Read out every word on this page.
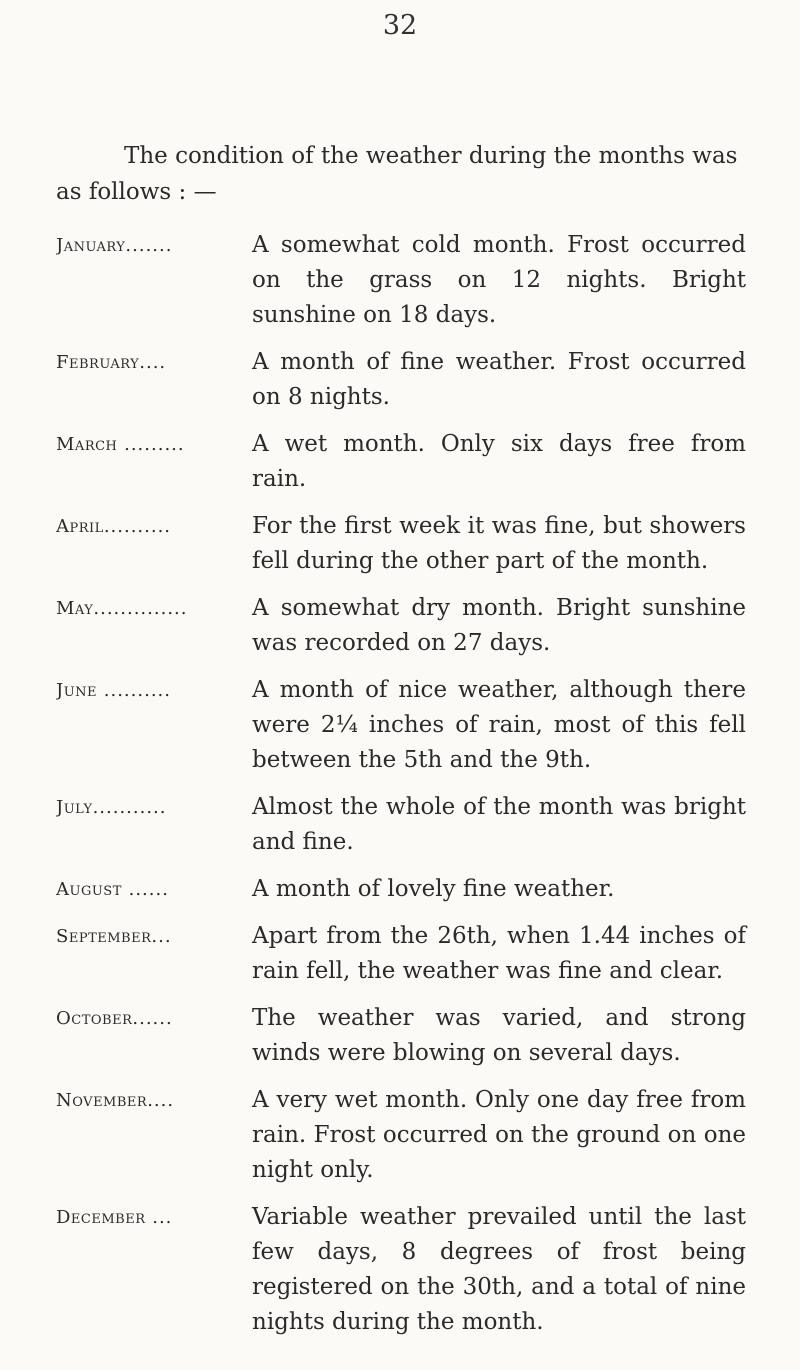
32
The condition of the weather during the months was
as follows : —
January.......	A somewhat cold month. Frost occurred on the grass on 12 nights. Bright sunshine on 18 days.
February....	A month of fine weather. Frost occurred on 8 nights.
March .........	A wet month. Only six days free from rain.
April..........	For the first week it was fine, but showers fell during the other part of the month.
May..............	A somewhat dry month. Bright sunshine was recorded on 27 days.
June ..........	A month of nice weather, although there were 2¼ inches of rain, most of this fell between the 5th and the 9th.
July...........	Almost the whole of the month was bright and fine.
August ......	A month of lovely fine weather.
September...	Apart from the 26th, when 1.44 inches of rain fell, the weather was fine and clear.
October......	The weather was varied, and strong winds were blowing on several days.
November....	A very wet month. Only one day free from rain. Frost occurred on the ground on one night only.
December ...	Variable weather prevailed until the last few days, 8 degrees of frost being registered on the 30th, and a total of nine nights during the month.
